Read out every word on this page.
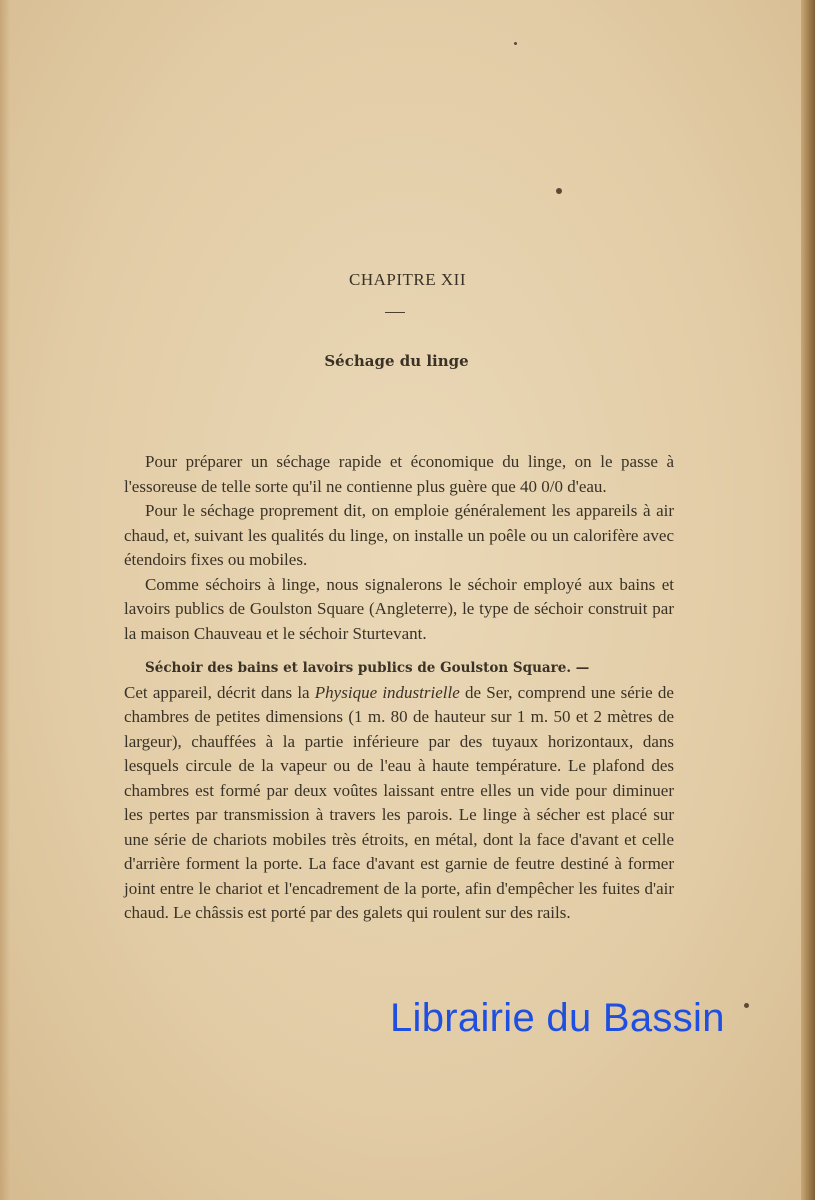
CHAPITRE XII
Séchage du linge

Pour préparer un séchage rapide et économique du linge, on le passe à l'essoreuse de telle sorte qu'il ne contienne plus guère que 40 0/0 d'eau.

Pour le séchage proprement dit, on emploie généralement les appareils à air chaud, et, suivant les qualités du linge, on installe un poêle ou un calorifère avec étendoirs fixes ou mobiles.

Comme séchoirs à linge, nous signalerons le séchoir employé aux bains et lavoirs publics de Goulston Square (Angleterre), le type de séchoir construit par la maison Chauveau et le séchoir Sturtevant.

Séchoir des bains et lavoirs publics de Goulston Square. —
Cet appareil, décrit dans la Physique industrielle de Ser, comprend une série de chambres de petites dimensions (1 m. 80 de hauteur sur 1 m. 50 et 2 mètres de largeur), chauffées à la partie inférieure par des tuyaux horizontaux, dans lesquels circule de la vapeur ou de l'eau à haute température. Le plafond des chambres est formé par deux voûtes laissant entre elles un vide pour diminuer les pertes par transmission à travers les parois. Le linge à sécher est placé sur une série de chariots mobiles très étroits, en métal, dont la face d'avant et celle d'arrière forment la porte. La face d'avant est garnie de feutre destiné à former joint entre le chariot et l'encadrement de la porte, afin d'empêcher les fuites d'air chaud. Le châssis est porté par des galets qui roulent sur des rails.

Librairie du Bassin
